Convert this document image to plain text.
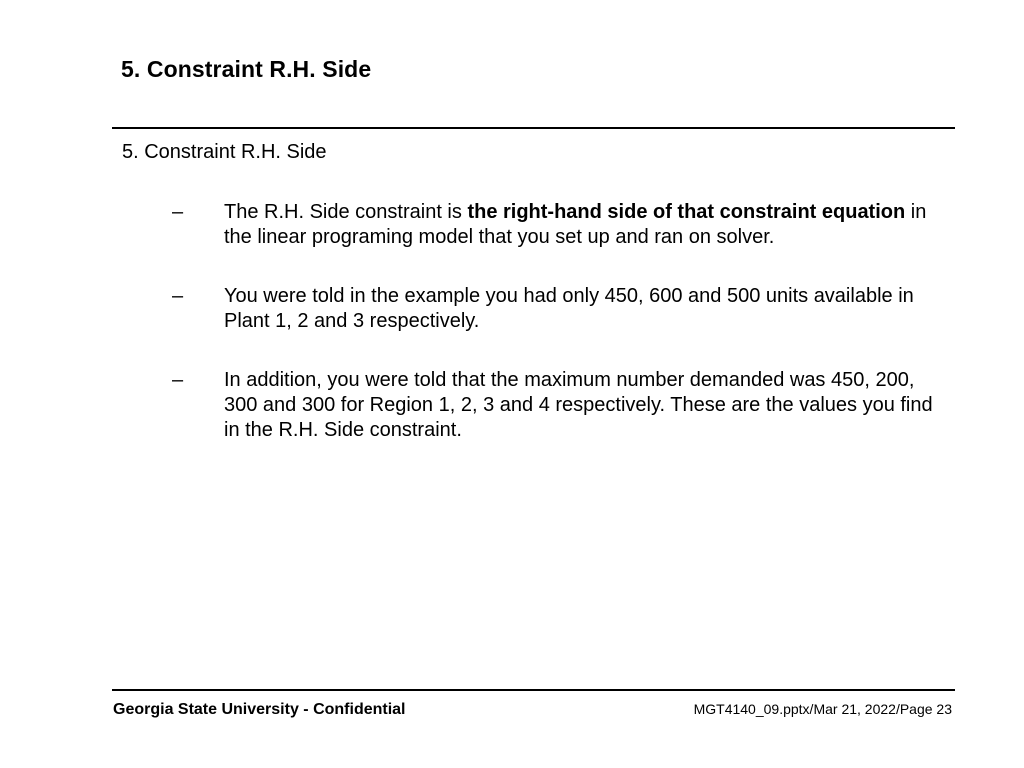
5. Constraint R.H. Side

5. Constraint R.H. Side

– The R.H. Side constraint is the right-hand side of that constraint equation in the linear programing model that you set up and ran on solver.
– You were told in the example you had only 450, 600 and 500 units available in Plant 1, 2 and 3 respectively.
– In addition, you were told that the maximum number demanded was 450, 200, 300 and 300 for Region 1, 2, 3 and 4 respectively. These are the values you find in the R.H. Side constraint.
Georgia State University - Confidential	MGT4140_09.pptx/Mar 21, 2022/Page 23
